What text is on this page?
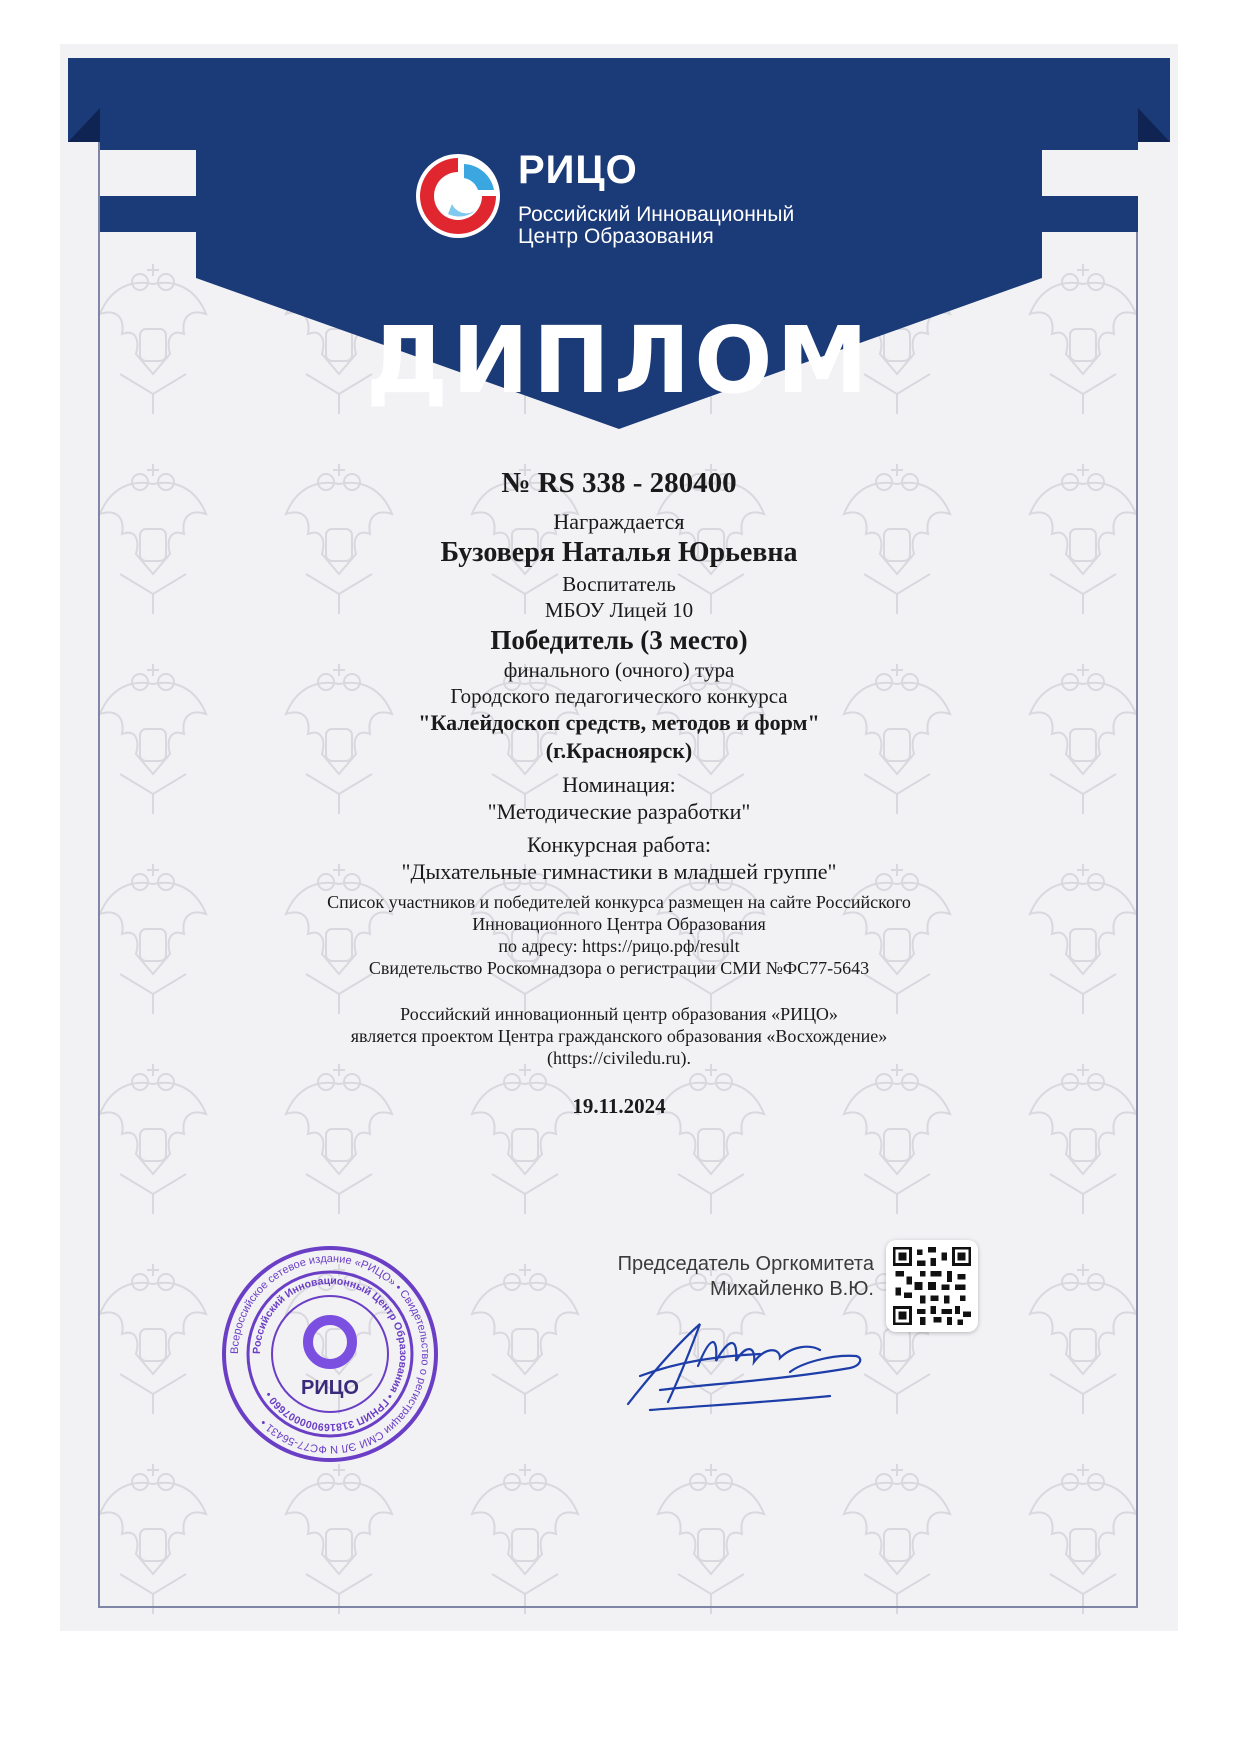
РИЦО
Российский Инновационный
Центр Образования
ДИПЛОМ
№ RS 338 - 280400
Награждается
Бузоверя Наталья Юрьевна
Воспитатель
МБОУ Лицей 10
Победитель (3 место)
финального (очного) тура
Городского педагогического конкурса
"Калейдоскоп средств, методов и форм"
(г.Красноярск)
Номинация:
"Методические разработки"
Конкурсная работа:
"Дыхательные гимнастики в младшей группе"
Список участников и победителей конкурса размещен на сайте Российского
Инновационного Центра Образования
по адресу: https://рицо.рф/result
Свидетельство Роскомнадзора о регистрации СМИ №ФС77-5643
Российский инновационный центр образования «РИЦО»
является проектом Центра гражданского образования «Восхождение»
(https://civiledu.ru).
19.11.2024
Всероссийское сетевое издание «РИЦО» • Свидетельство о регистрации СМИ ЭЛ N ФС77-56431 •
Российский Инновационный Центр Образования • ГРНИП 318169000007660 •	РИЦО
Председатель Оргкомитета
Михайленко В.Ю.
